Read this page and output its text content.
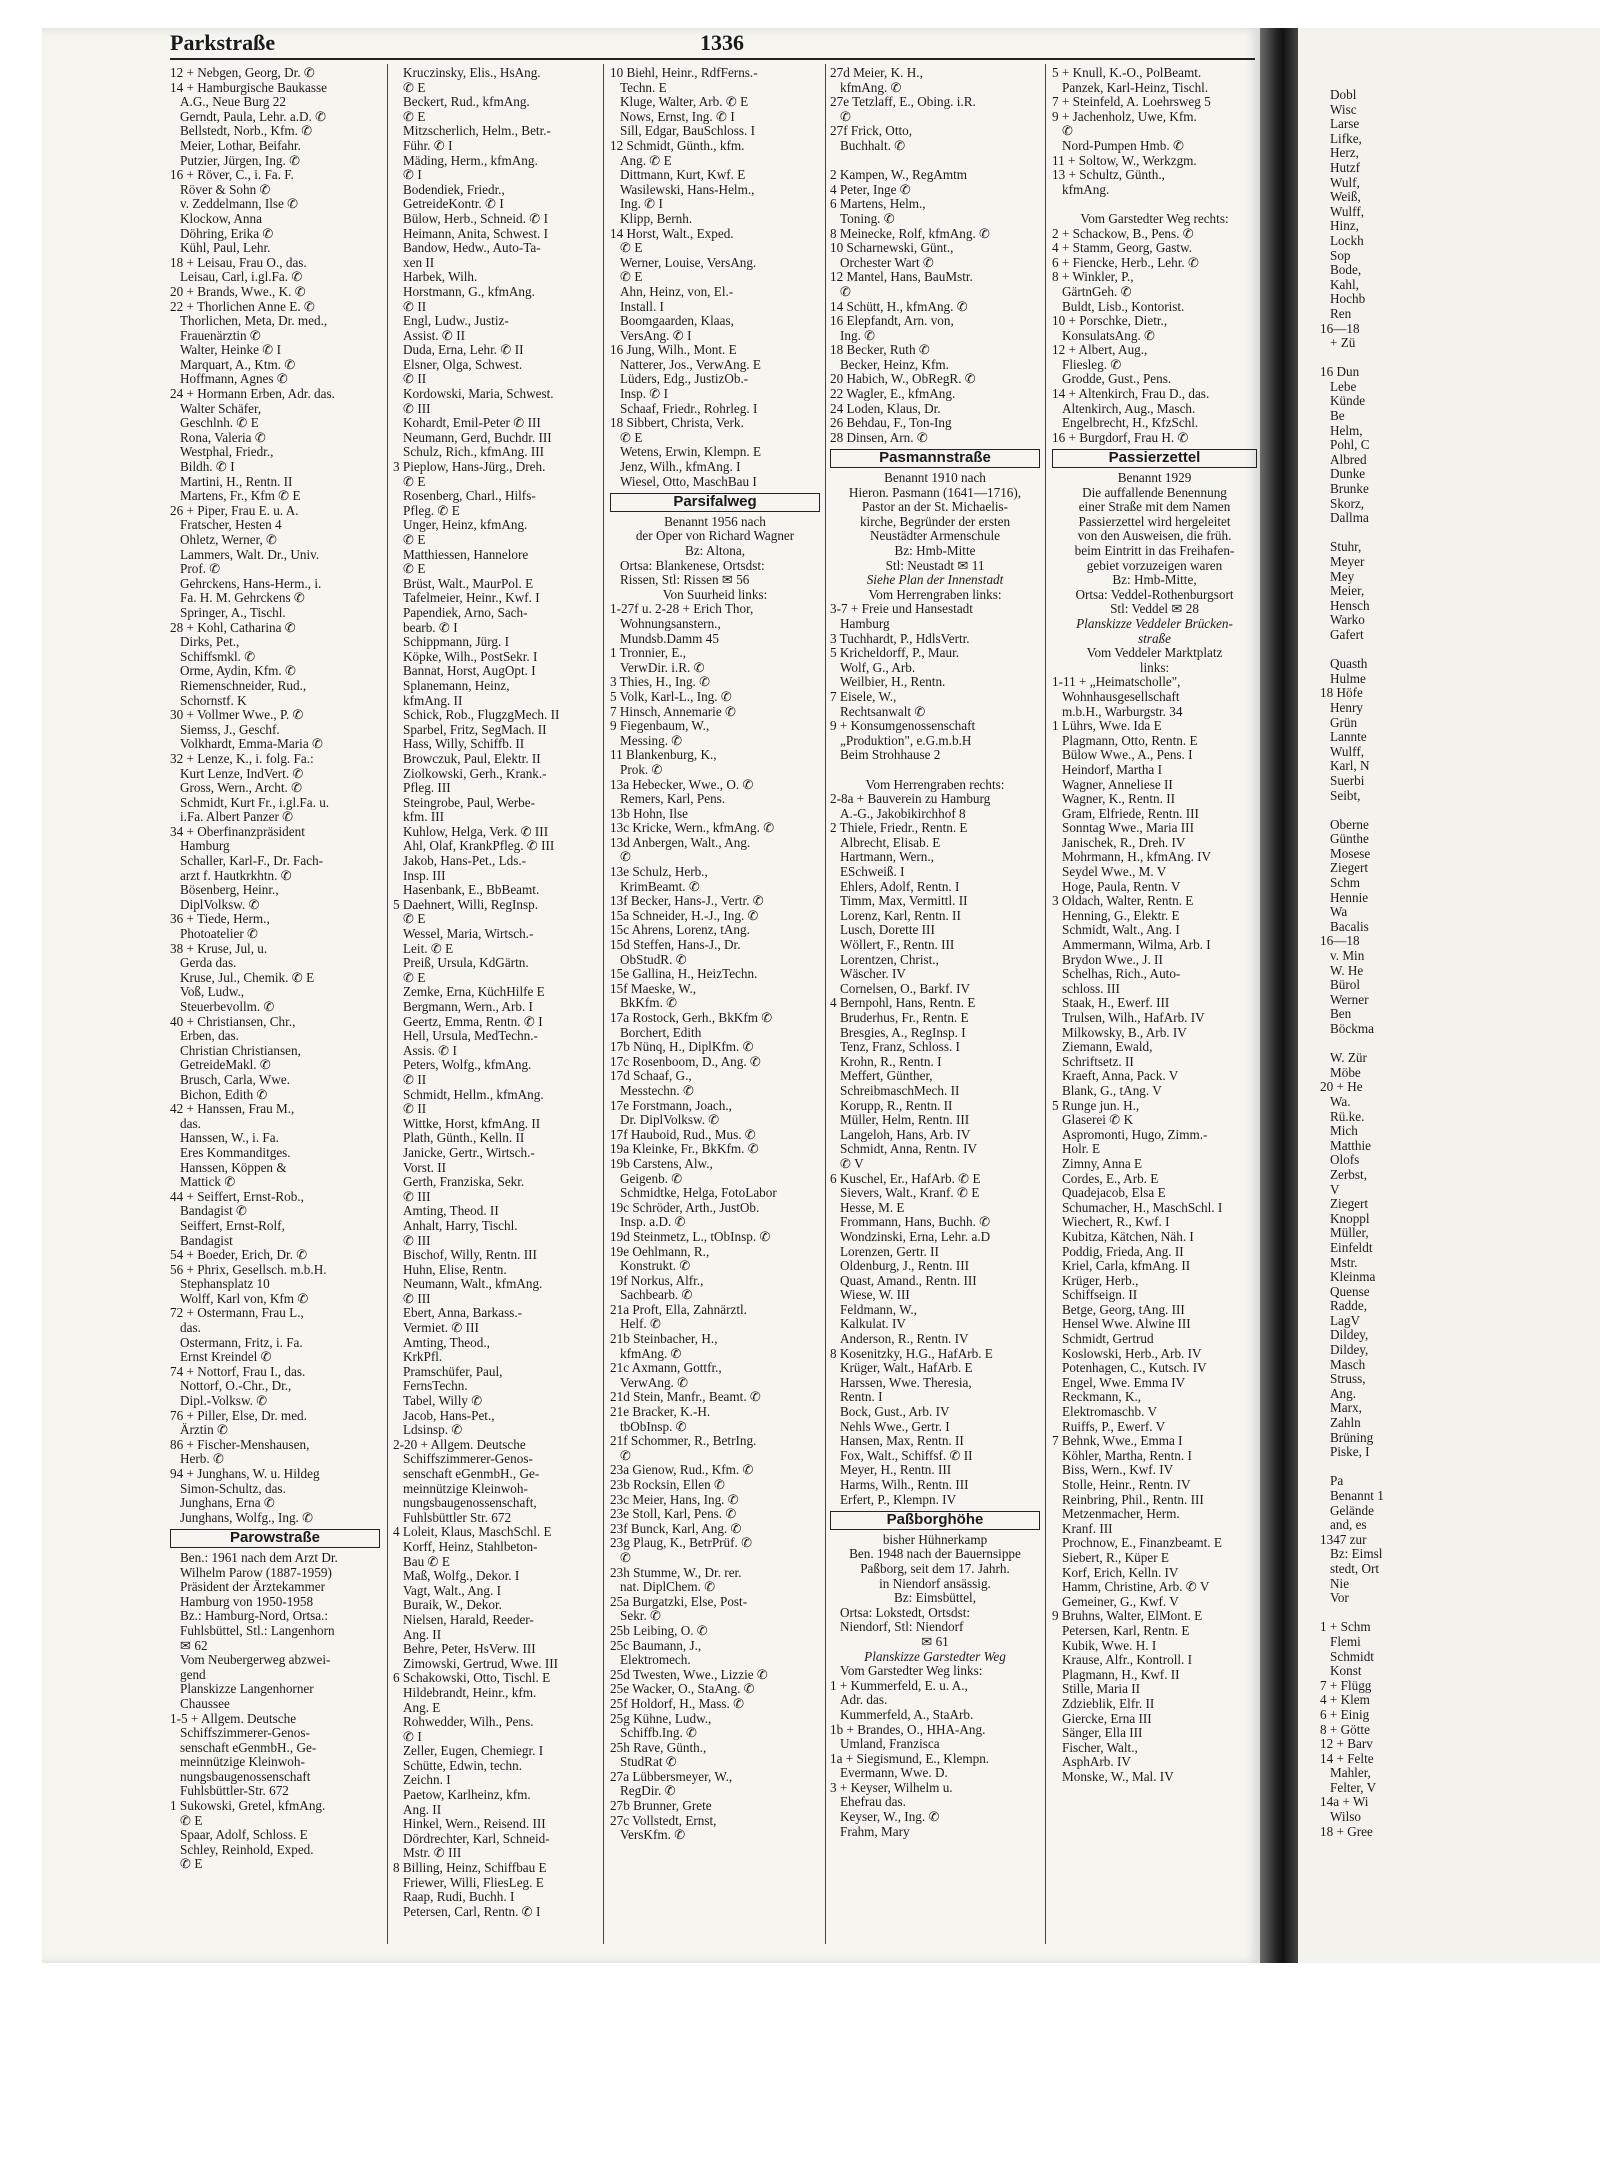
Parkstraße	1336
12 + Nebgen, Georg, Dr. ✆
14 + Hamburgische Baukasse
A.G., Neue Burg 22
Gerndt, Paula, Lehr. a.D. ✆
Bellstedt, Norb., Kfm. ✆
Meier, Lothar, Beifahr.
Putzier, Jürgen, Ing. ✆
16 + Röver, C., i. Fa. F.
Röver & Sohn ✆
v. Zeddelmann, Ilse ✆
Klockow, Anna
Döhring, Erika ✆
Kühl, Paul, Lehr.
18 + Leisau, Frau O., das.
Leisau, Carl, i.gl.Fa. ✆
20 + Brands, Wwe., K. ✆
22 + Thorlichen Anne E. ✆
Thorlichen, Meta, Dr. med.,
Frauenärztin ✆
Walter, Heinke ✆ I
Marquart, A., Ktm. ✆
Hoffmann, Agnes ✆
24 + Hormann Erben, Adr. das.
Walter Schäfer,
Geschlnh. ✆ E
Rona, Valeria ✆
Westphal, Friedr.,
Bildh. ✆ I
Martini, H., Rentn. II
Martens, Fr., Kfm ✆ E
26 + Piper, Frau E. u. A.
Fratscher, Hesten 4
Ohletz, Werner, ✆
Lammers, Walt. Dr., Univ.
Prof. ✆
Gehrckens, Hans-Herm., i.
Fa. H. M. Gehrckens ✆
Springer, A., Tischl.
28 + Kohl, Catharina ✆
Dirks, Pet.,
Schiffsmkl. ✆
Orme, Aydin, Kfm. ✆
Riemenschneider, Rud.,
Schornstf. K
30 + Vollmer Wwe., P. ✆
Siemss, J., Geschf.
Volkhardt, Emma-Maria ✆
32 + Lenze, K., i. folg. Fa.:
Kurt Lenze, IndVert. ✆
Gross, Wern., Archt. ✆
Schmidt, Kurt Fr., i.gl.Fa. u.
i.Fa. Albert Panzer ✆
34 + Oberfinanzpräsident
Hamburg
Schaller, Karl-F., Dr. Fach-
arzt f. Hautkrkhtn. ✆
Bösenberg, Heinr.,
DiplVolksw. ✆
36 + Tiede, Herm.,
Photoatelier ✆
38 + Kruse, Jul, u.
Gerda das.
Kruse, Jul., Chemik. ✆ E
Voß, Ludw.,
Steuerbevollm. ✆
40 + Christiansen, Chr.,
Erben, das.
Christian Christiansen,
GetreideMakl. ✆
Brusch, Carla, Wwe.
Bichon, Edith ✆
42 + Hanssen, Frau M.,
das.
Hanssen, W., i. Fa.
Eres Kommanditges.
Hanssen, Köppen &
Mattick ✆
44 + Seiffert, Ernst-Rob.,
Bandagist ✆
Seiffert, Ernst-Rolf,
Bandagist
54 + Boeder, Erich, Dr. ✆
56 + Phrix, Gesellsch. m.b.H.
Stephansplatz 10
Wolff, Karl von, Kfm ✆
72 + Ostermann, Frau L.,
das.
Ostermann, Fritz, i. Fa.
Ernst Kreindel ✆
74 + Nottorf, Frau I., das.
Nottorf, O.-Chr., Dr.,
Dipl.-Volksw. ✆
76 + Piller, Else, Dr. med.
Ärztin ✆
86 + Fischer-Menshausen,
Herb. ✆
94 + Junghans, W. u. Hildeg
Simon-Schultz, das.
Junghans, Erna ✆
Junghans, Wolfg., Ing. ✆
Parowstraße
Ben.: 1961 nach dem Arzt Dr.
Wilhelm Parow (1887-1959)
Präsident der Ärztekammer
Hamburg von 1950-1958
Bz.: Hamburg-Nord, Ortsa.:
Fuhlsbüttel, Stl.: Langenhorn
✉ 62
Vom Neubergerweg abzwei-
gend
Planskizze Langenhorner
Chaussee
1-5 + Allgem. Deutsche
Schiffszimmerer-Genos-
senschaft eGenmbH., Ge-
meinnützige Kleinwoh-
nungsbaugenossenschaft
Fuhlsbüttler-Str. 672
1 Sukowski, Gretel, kfmAng.
✆ E
Spaar, Adolf, Schloss. E
Schley, Reinhold, Exped.
✆ E
Kruczinsky, Elis., HsAng.
✆ E
Beckert, Rud., kfmAng.
✆ E
Mitzscherlich, Helm., Betr.-
Führ. ✆ I
Mäding, Herm., kfmAng.
✆ I
Bodendiek, Friedr.,
GetreideKontr. ✆ I
Bülow, Herb., Schneid. ✆ I
Heimann, Anita, Schwest. I
Bandow, Hedw., Auto-Ta-
xen II
Harbek, Wilh.
Horstmann, G., kfmAng.
✆ II
Engl, Ludw., Justiz-
Assist. ✆ II
Duda, Erna, Lehr. ✆ II
Elsner, Olga, Schwest.
✆ II
Kordowski, Maria, Schwest.
✆ III
Kohardt, Emil-Peter ✆ III
Neumann, Gerd, Buchdr. III
Schulz, Rich., kfmAng. III
3 Pieplow, Hans-Jürg., Dreh.
✆ E
Rosenberg, Charl., Hilfs-
Pfleg. ✆ E
Unger, Heinz, kfmAng.
✆ E
Matthiessen, Hannelore
✆ E
Brüst, Walt., MaurPol. E
Tafelmeier, Heinr., Kwf. I
Papendiek, Arno, Sach-
bearb. ✆ I
Schippmann, Jürg. I
Köpke, Wilh., PostSekr. I
Bannat, Horst, AugOpt. I
Splanemann, Heinz,
kfmAng. II
Schick, Rob., FlugzgMech. II
Sparbel, Fritz, SegMach. II
Hass, Willy, Schiffb. II
Browczuk, Paul, Elektr. II
Ziolkowski, Gerh., Krank.-
Pfleg. III
Steingrobe, Paul, Werbe-
kfm. III
Kuhlow, Helga, Verk. ✆ III
Ahl, Olaf, KrankPfleg. ✆ III
Jakob, Hans-Pet., Lds.-
Insp. III
Hasenbank, E., BbBeamt.
5 Daehnert, Willi, RegInsp.
✆ E
Wessel, Maria, Wirtsch.-
Leit. ✆ E
Preiß, Ursula, KdGärtn.
✆ E
Zemke, Erna, KüchHilfe E
Bergmann, Wern., Arb. I
Geertz, Emma, Rentn. ✆ I
Hell, Ursula, MedTechn.-
Assis. ✆ I
Peters, Wolfg., kfmAng.
✆ II
Schmidt, Hellm., kfmAng.
✆ II
Wittke, Horst, kfmAng. II
Plath, Günth., Kelln. II
Janicke, Gertr., Wirtsch.-
Vorst. II
Gerth, Franziska, Sekr.
✆ III
Amting, Theod. II
Anhalt, Harry, Tischl.
✆ III
Bischof, Willy, Rentn. III
Huhn, Elise, Rentn.
Neumann, Walt., kfmAng.
✆ III
Ebert, Anna, Barkass.-
Vermiet. ✆ III
Amting, Theod.,
KrkPfl.
Pramschüfer, Paul,
FernsTechn.
Tabel, Willy ✆
Jacob, Hans-Pet.,
Ldsinsp. ✆
2-20 + Allgem. Deutsche
Schiffszimmerer-Genos-
senschaft eGenmbH., Ge-
meinnützige Kleinwoh-
nungsbaugenossenschaft,
Fuhlsbüttler Str. 672
4 Loleit, Klaus, MaschSchl. E
Korff, Heinz, Stahlbeton-
Bau ✆ E
Maß, Wolfg., Dekor. I
Vagt, Walt., Ang. I
Buraik, W., Dekor.
Nielsen, Harald, Reeder-
Ang. II
Behre, Peter, HsVerw. III
Zimowski, Gertrud, Wwe. III
6 Schakowski, Otto, Tischl. E
Hildebrandt, Heinr., kfm.
Ang. E
Rohwedder, Wilh., Pens.
✆ I
Zeller, Eugen, Chemiegr. I
Schütte, Edwin, techn.
Zeichn. I
Paetow, Karlheinz, kfm.
Ang. II
Hinkel, Wern., Reisend. III
Dördrechter, Karl, Schneid-
Mstr. ✆ III
8 Billing, Heinz, Schiffbau E
Friewer, Willi, FliesLeg. E
Raap, Rudi, Buchh. I
Petersen, Carl, Rentn. ✆ I
10 Biehl, Heinr., RdfFerns.-
Techn. E
Kluge, Walter, Arb. ✆ E
Nows, Ernst, Ing. ✆ I
Sill, Edgar, BauSchloss. I
12 Schmidt, Günth., kfm.
Ang. ✆ E
Dittmann, Kurt, Kwf. E
Wasilewski, Hans-Helm.,
Ing. ✆ I
Klipp, Bernh.
14 Horst, Walt., Exped.
✆ E
Werner, Louise, VersAng.
✆ E
Ahn, Heinz, von, El.-
Install. I
Boomgaarden, Klaas,
VersAng. ✆ I
16 Jung, Wilh., Mont. E
Natterer, Jos., VerwAng. E
Lüders, Edg., JustizOb.-
Insp. ✆ I
Schaaf, Friedr., Rohrleg. I
18 Sibbert, Christa, Verk.
✆ E
Wetens, Erwin, Klempn. E
Jenz, Wilh., kfmAng. I
Wiesel, Otto, MaschBau I
Parsifalweg
Benannt 1956 nach
der Oper von Richard Wagner
Bz: Altona,
Ortsa: Blankenese, Ortsdst:
Rissen, Stl: Rissen ✉ 56
Von Suurheid links:
1-27f u. 2-28 + Erich Thor,
Wohnungsanstern.,
Mundsb.Damm 45
1 Tronnier, E.,
VerwDir. i.R. ✆
3 Thies, H., Ing. ✆
5 Volk, Karl-L., Ing. ✆
7 Hinsch, Annemarie ✆
9 Fiegenbaum, W.,
Messing. ✆
11 Blankenburg, K.,
Prok. ✆
13a Hebecker, Wwe., O. ✆
Remers, Karl, Pens.
13b Hohn, Ilse
13c Kricke, Wern., kfmAng. ✆
13d Anbergen, Walt., Ang.
✆
13e Schulz, Herb.,
KrimBeamt. ✆
13f Becker, Hans-J., Vertr. ✆
15a Schneider, H.-J., Ing. ✆
15c Ahrens, Lorenz, tAng.
15d Steffen, Hans-J., Dr.
ObStudR. ✆
15e Gallina, H., HeizTechn.
15f Maeske, W.,
BkKfm. ✆
17a Rostock, Gerh., BkKfm ✆
Borchert, Edith
17b Nünq, H., DiplKfm. ✆
17c Rosenboom, D., Ang. ✆
17d Schaaf, G.,
Messtechn. ✆
17e Forstmann, Joach.,
Dr. DiplVolksw. ✆
17f Hauboid, Rud., Mus. ✆
19a Kleinke, Fr., BkKfm. ✆
19b Carstens, Alw.,
Geigenb. ✆
Schmidtke, Helga, FotoLabor
19c Schröder, Arth., JustOb.
Insp. a.D. ✆
19d Steinmetz, L., tObInsp. ✆
19e Oehlmann, R.,
Konstrukt. ✆
19f Norkus, Alfr.,
Sachbearb. ✆
21a Proft, Ella, Zahnärztl.
Helf. ✆
21b Steinbacher, H.,
kfmAng. ✆
21c Axmann, Gottfr.,
VerwAng. ✆
21d Stein, Manfr., Beamt. ✆
21e Bracker, K.-H.
tbObInsp. ✆
21f Schommer, R., BetrIng.
✆
23a Gienow, Rud., Kfm. ✆
23b Rocksin, Ellen ✆
23c Meier, Hans, Ing. ✆
23e Stoll, Karl, Pens. ✆
23f Bunck, Karl, Ang. ✆
23g Plaug, K., BetrPrüf. ✆
✆
23h Stumme, W., Dr. rer.
nat. DiplChem. ✆
25a Burgatzki, Else, Post-
Sekr. ✆
25b Leibing, O. ✆
25c Baumann, J.,
Elektromech.
25d Twesten, Wwe., Lizzie ✆
25e Wacker, O., StaAng. ✆
25f Holdorf, H., Mass. ✆
25g Kühne, Ludw.,
Schiffb.Ing. ✆
25h Rave, Günth.,
StudRat ✆
27a Lübbersmeyer, W.,
RegDir. ✆
27b Brunner, Grete
27c Vollstedt, Ernst,
VersKfm. ✆
27d Meier, K. H.,
kfmAng. ✆
27e Tetzlaff, E., Obing. i.R.
✆
27f Frick, Otto,
Buchhalt. ✆

2 Kampen, W., RegAmtm
4 Peter, Inge ✆
6 Martens, Helm.,
Toning. ✆
8 Meinecke, Rolf, kfmAng. ✆
10 Scharnewski, Günt.,
Orchester Wart ✆
12 Mantel, Hans, BauMstr.
✆
14 Schütt, H., kfmAng. ✆
16 Elepfandt, Arn. von,
Ing. ✆
18 Becker, Ruth ✆
Becker, Heinz, Kfm.
20 Habich, W., ObRegR. ✆
22 Wagler, E., kfmAng.
24 Loden, Klaus, Dr.
26 Behdau, F., Ton-Ing
28 Dinsen, Arn. ✆
Pasmannstraße
Benannt 1910 nach
Hieron. Pasmann (1641—1716),
Pastor an der St. Michaelis-
kirche, Begründer der ersten
Neustädter Armenschule
Bz: Hmb-Mitte
Stl: Neustadt ✉ 11
Siehe Plan der Innenstadt
Vom Herrengraben links:
3-7 + Freie und Hansestadt
Hamburg
3 Tuchhardt, P., HdlsVertr.
5 Kricheldorff, P., Maur.
Wolf, G., Arb.
Weilbier, H., Rentn.
7 Eisele, W.,
Rechtsanwalt ✆
9 + Konsumgenossenschaft
„Produktion", e.G.m.b.H
Beim Strohhause 2

Vom Herrengraben rechts:
2-8a + Bauverein zu Hamburg
A.-G., Jakobikirchhof 8
2 Thiele, Friedr., Rentn. E
Albrecht, Elisab. E
Hartmann, Wern.,
ESchweiß. I
Ehlers, Adolf, Rentn. I
Timm, Max, Vermittl. II
Lorenz, Karl, Rentn. II
Lusch, Dorette III
Wöllert, F., Rentn. III
Lorentzen, Christ.,
Wäscher. IV
Cornelsen, O., Barkf. IV
4 Bernpohl, Hans, Rentn. E
Bruderhus, Fr., Rentn. E
Bresgies, A., RegInsp. I
Tenz, Franz, Schloss. I
Krohn, R., Rentn. I
Meffert, Günther,
SchreibmaschMech. II
Korupp, R., Rentn. II
Müller, Helm, Rentn. III
Langeloh, Hans, Arb. IV
Schmidt, Anna, Rentn. IV
✆ V
6 Kuschel, Er., HafArb. ✆ E
Sievers, Walt., Kranf. ✆ E
Hesse, M. E
Frommann, Hans, Buchh. ✆
Wondzinski, Erna, Lehr. a.D
Lorenzen, Gertr. II
Oldenburg, J., Rentn. III
Quast, Amand., Rentn. III
Wiese, W. III
Feldmann, W.,
Kalkulat. IV
Anderson, R., Rentn. IV
8 Kosenitzky, H.G., HafArb. E
Krüger, Walt., HafArb. E
Harssen, Wwe. Theresia,
Rentn. I
Bock, Gust., Arb. IV
Nehls Wwe., Gertr. I
Hansen, Max, Rentn. II
Fox, Walt., Schiffsf. ✆ II
Meyer, H., Rentn. III
Harms, Wilh., Rentn. III
Erfert, P., Klempn. IV
Paßborghöhe
bisher Hühnerkamp
Ben. 1948 nach der Bauernsippe
Paßborg, seit dem 17. Jahrh.
in Niendorf ansässig.
Bz: Eimsbüttel,
Ortsa: Lokstedt, Ortsdst:
Niendorf, Stl: Niendorf
✉ 61
Planskizze Garstedter Weg
Vom Garstedter Weg links:
1 + Kummerfeld, E. u. A.,
Adr. das.
Kummerfeld, A., StaArb.
1b + Brandes, O., HHA-Ang.
Umland, Franzisca
1a + Siegismund, E., Klempn.
Evermann, Wwe. D.
3 + Keyser, Wilhelm u.
Ehefrau das.
Keyser, W., Ing. ✆
Frahm, Mary
5 + Knull, K.-O., PolBeamt.
Panzek, Karl-Heinz, Tischl.
7 + Steinfeld, A. Loehrsweg 5
9 + Jachenholz, Uwe, Kfm.
✆
Nord-Pumpen Hmb. ✆
11 + Soltow, W., Werkzgm.
13 + Schultz, Günth.,
kfmAng.

Vom Garstedter Weg rechts:
2 + Schackow, B., Pens. ✆
4 + Stamm, Georg, Gastw.
6 + Fiencke, Herb., Lehr. ✆
8 + Winkler, P.,
GärtnGeh. ✆
Buldt, Lisb., Kontorist.
10 + Porschke, Dietr.,
KonsulatsAng. ✆
12 + Albert, Aug.,
Fliesleg. ✆
Grodde, Gust., Pens.
14 + Altenkirch, Frau D., das.
Altenkirch, Aug., Masch.
Engelbrecht, H., KfzSchl.
16 + Burgdorf, Frau H. ✆
Passierzettel
Benannt 1929
Die auffallende Benennung
einer Straße mit dem Namen
Passierzettel wird hergeleitet
von den Ausweisen, die früh.
beim Eintritt in das Freihafen-
gebiet vorzuzeigen waren
Bz: Hmb-Mitte,
Ortsa: Veddel-Rothenburgsort
Stl: Veddel ✉ 28
Planskizze Veddeler Brücken-
straße
Vom Veddeler Marktplatz
links:
1-11 + „Heimatscholle",
Wohnhausgesellschaft
m.b.H., Warburgstr. 34
1 Lührs, Wwe. Ida E
Plagmann, Otto, Rentn. E
Bülow Wwe., A., Pens. I
Heindorf, Martha I
Wagner, Anneliese II
Wagner, K., Rentn. II
Gram, Elfriede, Rentn. III
Sonntag Wwe., Maria III
Janischek, R., Dreh. IV
Mohrmann, H., kfmAng. IV
Seydel Wwe., M. V
Hoge, Paula, Rentn. V
3 Oldach, Walter, Rentn. E
Henning, G., Elektr. E
Schmidt, Walt., Ang. I
Ammermann, Wilma, Arb. I
Brydon Wwe., J. II
Schelhas, Rich., Auto-
schloss. III
Staak, H., Ewerf. III
Trulsen, Wilh., HafArb. IV
Milkowsky, B., Arb. IV
Ziemann, Ewald,
Schriftsetz. II
Kraeft, Anna, Pack. V
Blank, G., tAng. V
5 Runge jun. H.,
Glaserei ✆ K
Aspromonti, Hugo, Zimm.-
Holr. E
Zimny, Anna E
Cordes, E., Arb. E
Quadejacob, Elsa E
Schumacher, H., MaschSchl. I
Wiechert, R., Kwf. I
Kubitza, Kätchen, Näh. I
Poddig, Frieda, Ang. II
Kriel, Carla, kfmAng. II
Krüger, Herb.,
Schiffseign. II
Betge, Georg, tAng. III
Hensel Wwe. Alwine III
Schmidt, Gertrud
Koslowski, Herb., Arb. IV
Potenhagen, C., Kutsch. IV
Engel, Wwe. Emma IV
Reckmann, K.,
Elektromaschb. V
Ruiffs, P., Ewerf. V
7 Behnk, Wwe., Emma I
Köhler, Martha, Rentn. I
Biss, Wern., Kwf. IV
Stolle, Heinr., Rentn. IV
Reinbring, Phil., Rentn. III
Metzenmacher, Herm.
Kranf. III
Prochnow, E., Finanzbeamt. E
Siebert, R., Küper E
Korf, Erich, Kelln. IV
Hamm, Christine, Arb. ✆ V
Gemeiner, G., Kwf. V
9 Bruhns, Walter, ElMont. E
Petersen, Karl, Rentn. E
Kubik, Wwe. H. I
Krause, Alfr., Kontroll. I
Plagmann, H., Kwf. II
Stille, Maria II
Zdzieblik, Elfr. II
Giercke, Erna III
Sänger, Ella III
Fischer, Walt.,
AsphArb. IV
Monske, W., Mal. IV
Dobl
Wisc
Larse
Lifke,
Herz,
Hutzf
Wulf,
Weiß,
Wulff,
Hinz,
Lockh
Sop
Bode,
Kahl,
Hochb
Ren
16—18
+ Zü

16 Dun
Lebe
Künde
Be
Helm,
Pohl, C
Albred
Dunke
Brunke
Skorz,
Dallma

Stuhr,
Meyer
Mey
Meier,
Hensch
Warko
Gafert

Quasth
Hulme
18 Höfe
Henry
Grün
Lannte
Wulff,
Karl, N
Suerbi
Seibt,

Oberne
Günthe
Mosese
Ziegert
Schm
Hennie
Wa
Bacalis
16—18
v. Min
W. He
Bürol
Werner
Ben
Böckma

W. Zür
Möbe
20 + He
Wa.
Rü.ke.
Mich
Matthie
Olofs
Zerbst,
V
Ziegert
Knoppl
Müller,
Einfeldt
Mstr.
Kleinma
Quense
Radde,
LagV
Dildey,
Dildey,
Masch
Struss,
Ang.
Marx,
Zahln
Brüning
Piske, I

Pa
Benannt 1
Gelände
and, es
1347 zur
Bz: Eimsl
stedt, Ort
Nie
Vor

1 + Schm
Flemi
Schmidt
Konst
7 + Flügg
4 + Klem
6 + Einig
8 + Götte
12 + Barv
14 + Felte
Mahler,
Felter, V
14a + Wi
Wilso
18 + Gree
